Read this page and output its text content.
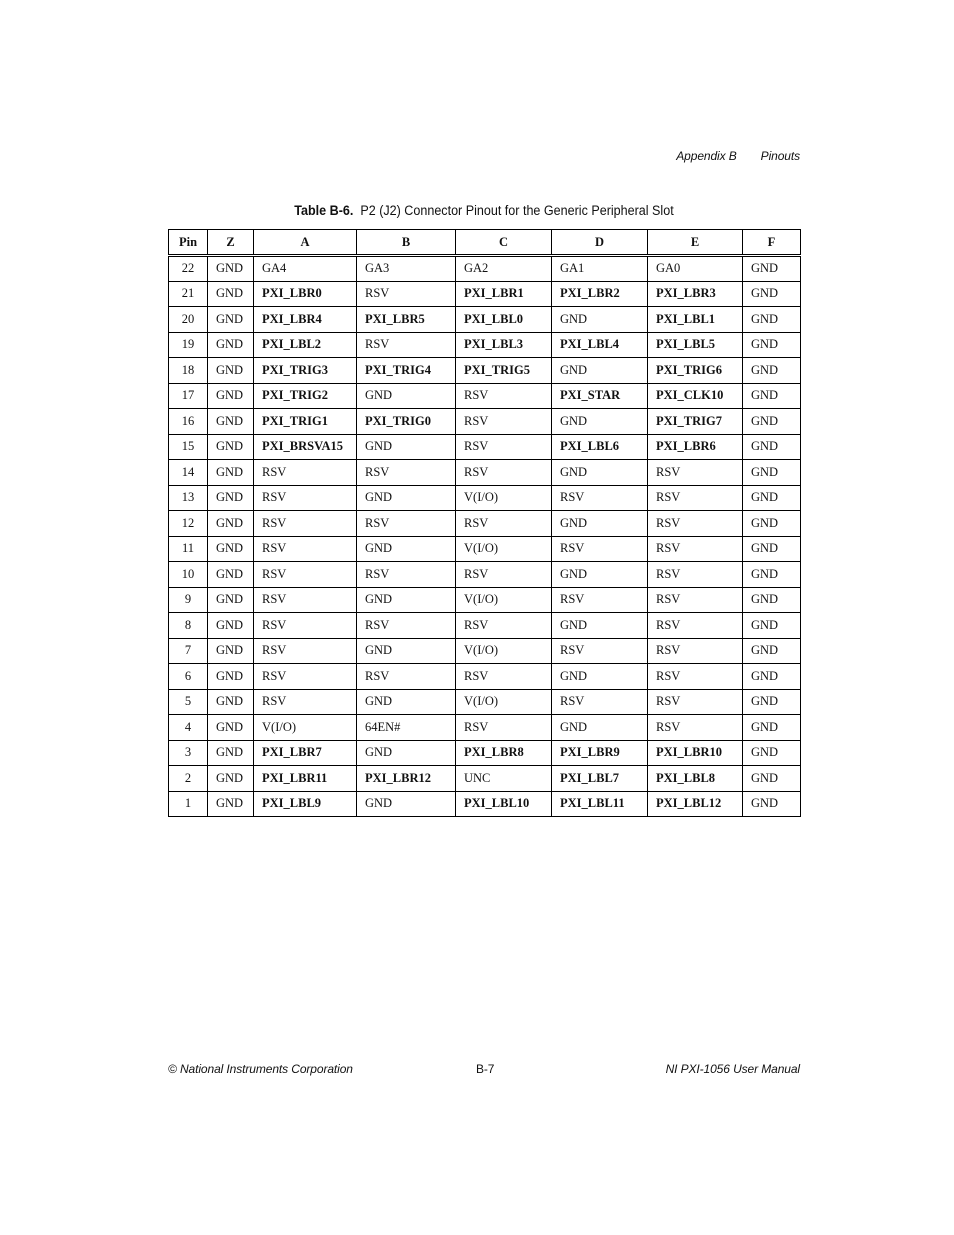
Appendix B Pinouts
Table B-6. P2 (J2) Connector Pinout for the Generic Peripheral Slot
Pin	Z	A	B	C	D	E	F
22	GND	GA4	GA3	GA2	GA1	GA0	GND
21	GND	PXI_LBR0	RSV	PXI_LBR1	PXI_LBR2	PXI_LBR3	GND
20	GND	PXI_LBR4	PXI_LBR5	PXI_LBL0	GND	PXI_LBL1	GND
19	GND	PXI_LBL2	RSV	PXI_LBL3	PXI_LBL4	PXI_LBL5	GND
18	GND	PXI_TRIG3	PXI_TRIG4	PXI_TRIG5	GND	PXI_TRIG6	GND
17	GND	PXI_TRIG2	GND	RSV	PXI_STAR	PXI_CLK10	GND
16	GND	PXI_TRIG1	PXI_TRIG0	RSV	GND	PXI_TRIG7	GND
15	GND	PXI_BRSVA15	GND	RSV	PXI_LBL6	PXI_LBR6	GND
14	GND	RSV	RSV	RSV	GND	RSV	GND
13	GND	RSV	GND	V(I/O)	RSV	RSV	GND
12	GND	RSV	RSV	RSV	GND	RSV	GND
11	GND	RSV	GND	V(I/O)	RSV	RSV	GND
10	GND	RSV	RSV	RSV	GND	RSV	GND
9	GND	RSV	GND	V(I/O)	RSV	RSV	GND
8	GND	RSV	RSV	RSV	GND	RSV	GND
7	GND	RSV	GND	V(I/O)	RSV	RSV	GND
6	GND	RSV	RSV	RSV	GND	RSV	GND
5	GND	RSV	GND	V(I/O)	RSV	RSV	GND
4	GND	V(I/O)	64EN#	RSV	GND	RSV	GND
3	GND	PXI_LBR7	GND	PXI_LBR8	PXI_LBR9	PXI_LBR10	GND
2	GND	PXI_LBR11	PXI_LBR12	UNC	PXI_LBL7	PXI_LBL8	GND
1	GND	PXI_LBL9	GND	PXI_LBL10	PXI_LBL11	PXI_LBL12	GND
© National Instruments Corporation	B-7	NI PXI-1056 User Manual
